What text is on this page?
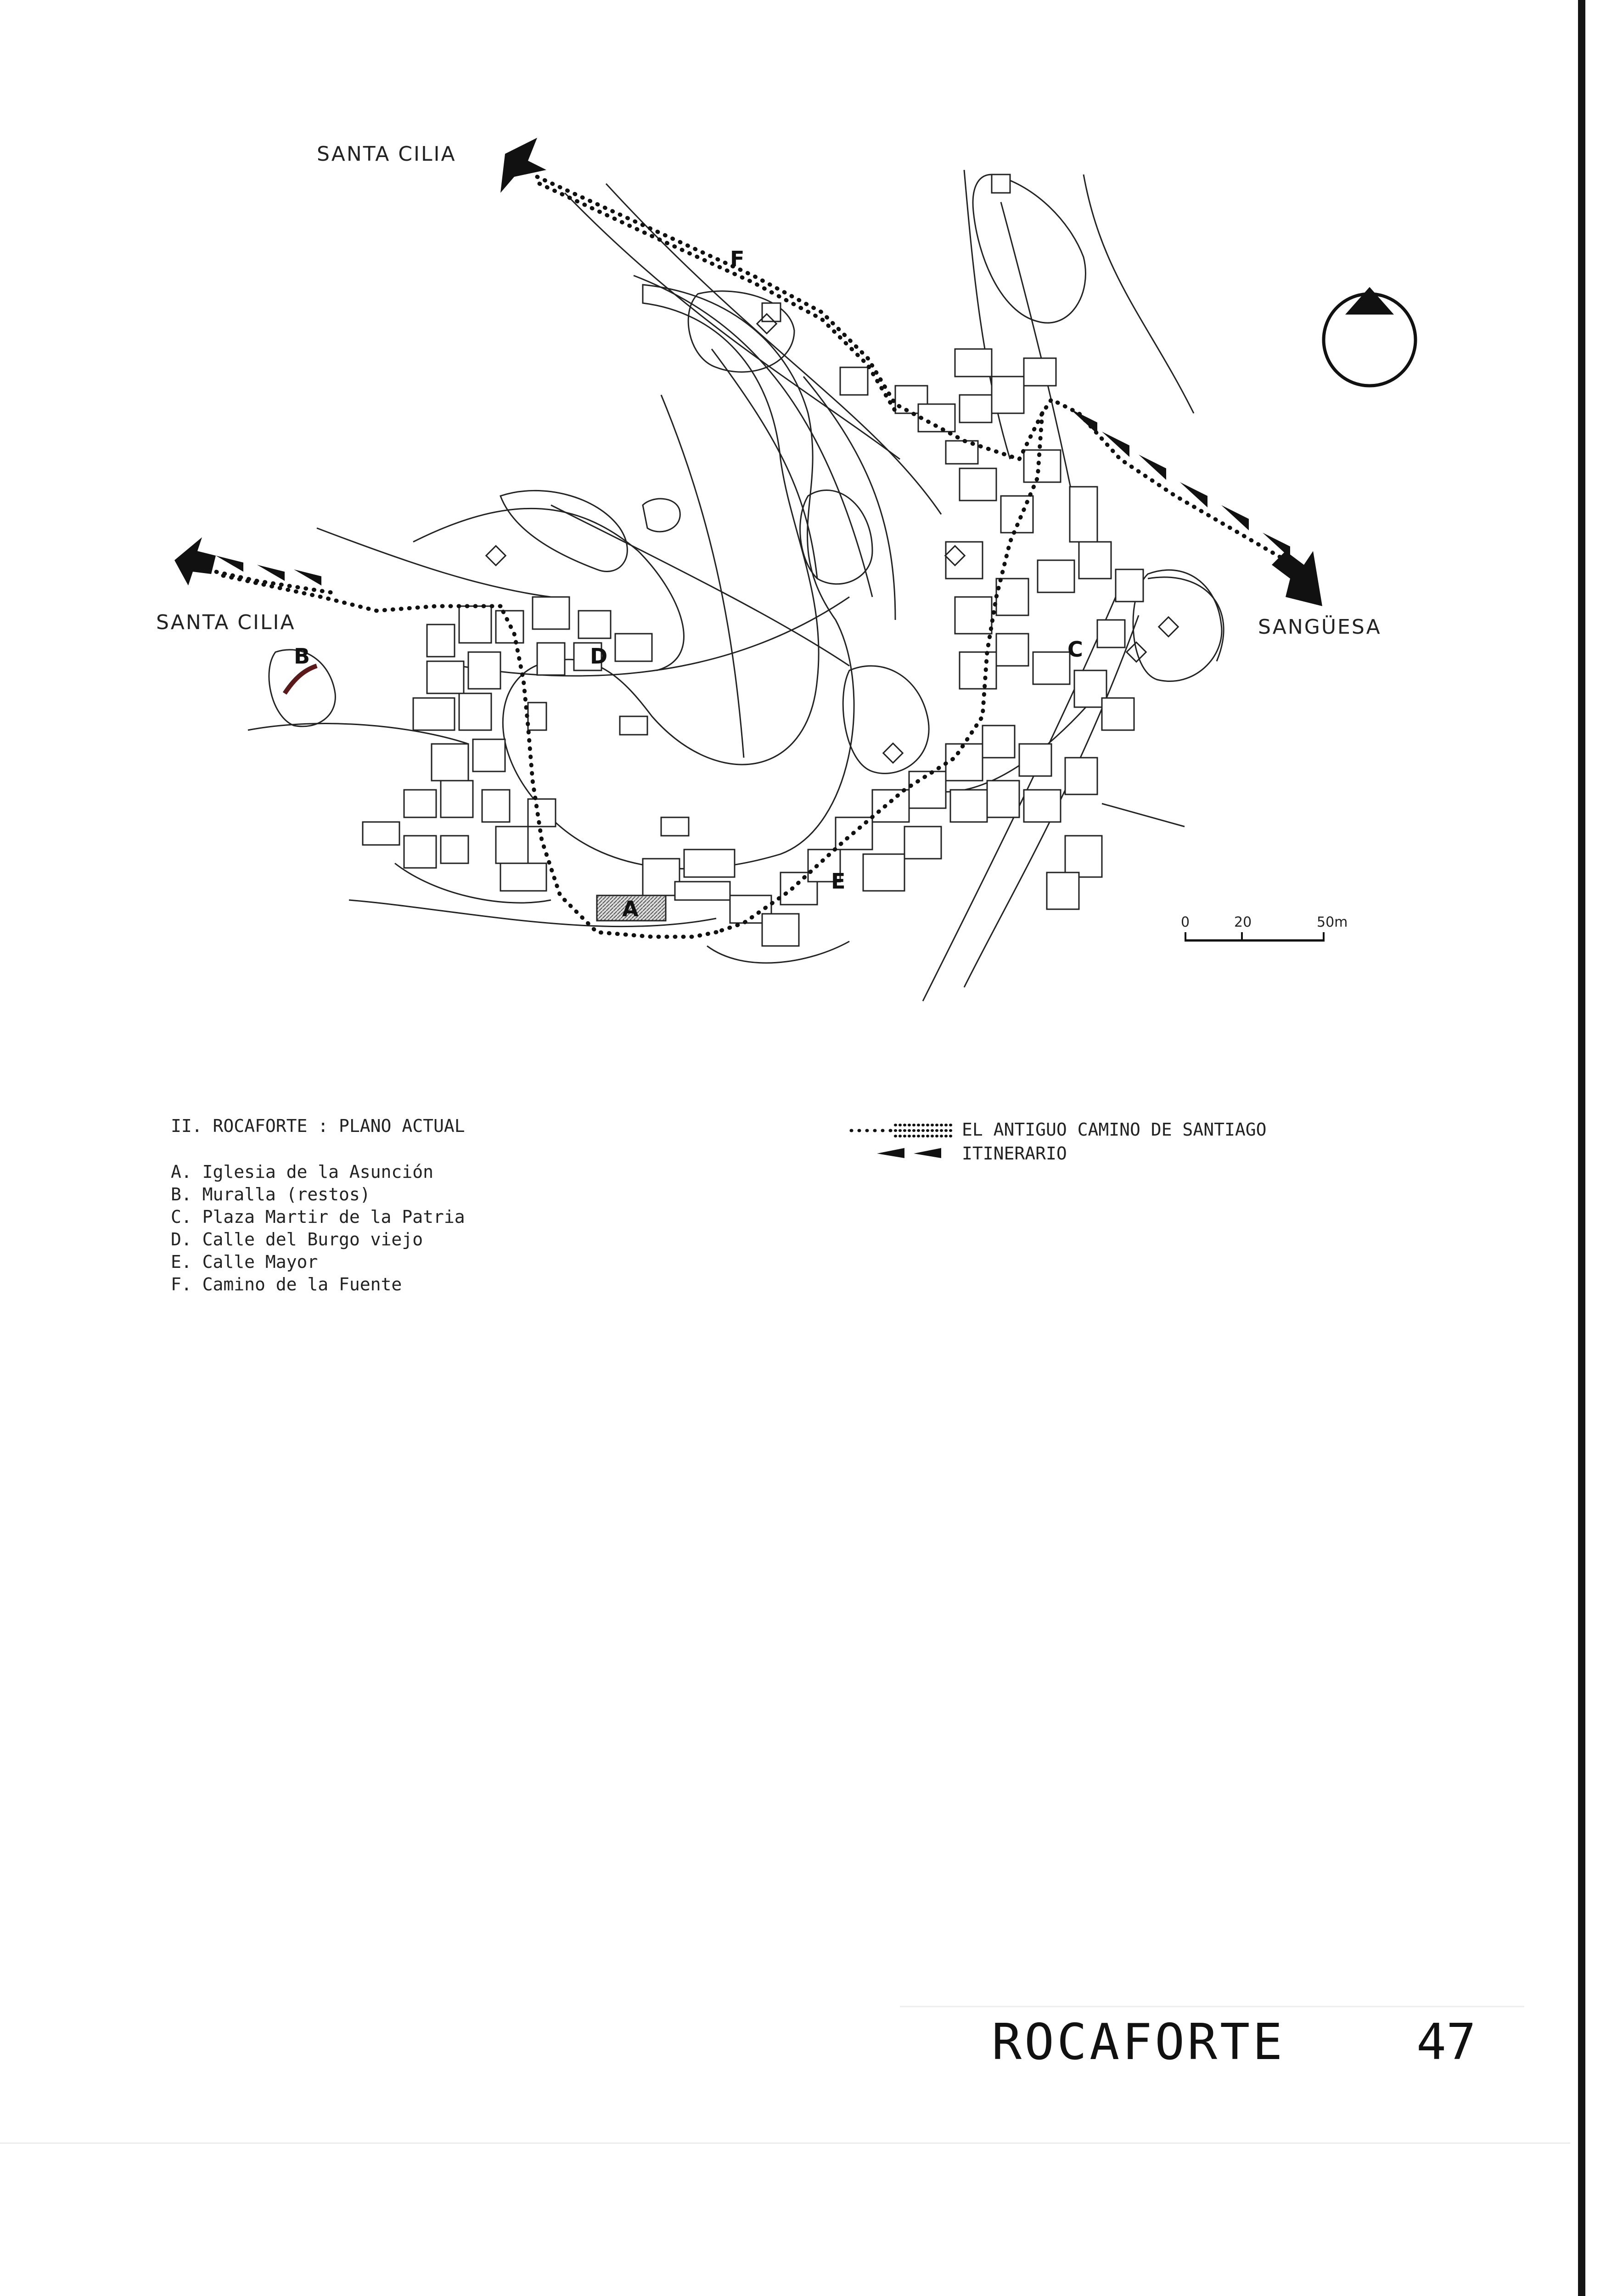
SANTA CILIA
SANTA CILIA	SANGÜESA
A
B	C
D
E
F
0	20	50m
II. ROCAFORTE : PLANO ACTUAL
A. Iglesia de la Asunción
B. Muralla (restos)
C. Plaza Martir de la Patria
D. Calle del Burgo viejo
E. Calle Mayor
F. Camino de la Fuente
EL ANTIGUO CAMINO DE SANTIAGO
ITINERARIO
ROCAFORTE	47
